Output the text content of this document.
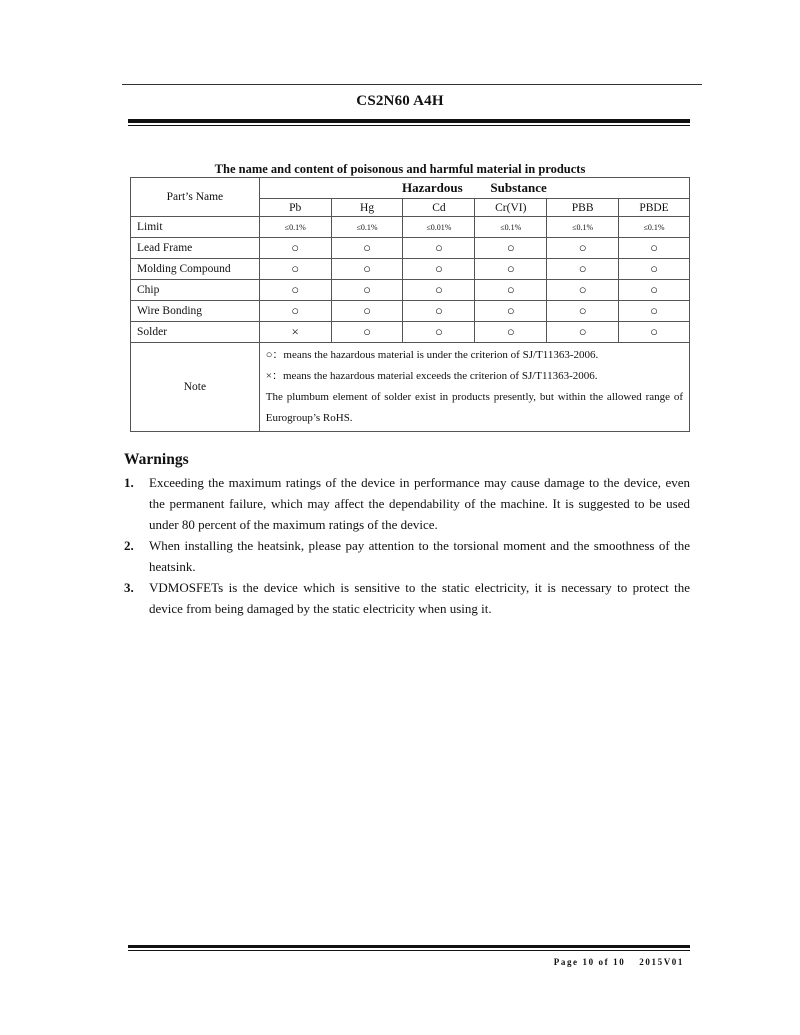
CS2N60 A4H
The name and content of poisonous and harmful material in products
Part’s Name	Hazardous   Substance					
	Pb	Hg	Cd	Cr(VI)	PBB	PBDE
Limit	≤0.1%	≤0.1%	≤0.01%	≤0.1%	≤0.1%	≤0.1%
Lead Frame	○	○	○	○	○	○
Molding Compound	○	○	○	○	○	○
Chip	○	○	○	○	○	○
Wire Bonding	○	○	○	○	○	○
Solder	×	○	○	○	○	○
Note	○：means the hazardous material is under the criterion of SJ/T11363-2006.
×：means the hazardous material exceeds the criterion of SJ/T11363-2006.
The plumbum element of solder exist in products presently, but within the allowed range of Eurogroup’s RoHS.					
Warnings
1. Exceeding the maximum ratings of the device in performance may cause damage to the device, even the permanent failure, which may affect the dependability of the machine. It is suggested to be used under 80 percent of the maximum ratings of the device.
2. When installing the heatsink, please pay attention to the torsional moment and the smoothness of the heatsink.
3. VDMOSFETs is the device which is sensitive to the static electricity, it is necessary to protect the device from being damaged by the static electricity when using it.
Page 10 of 10 2015V01
